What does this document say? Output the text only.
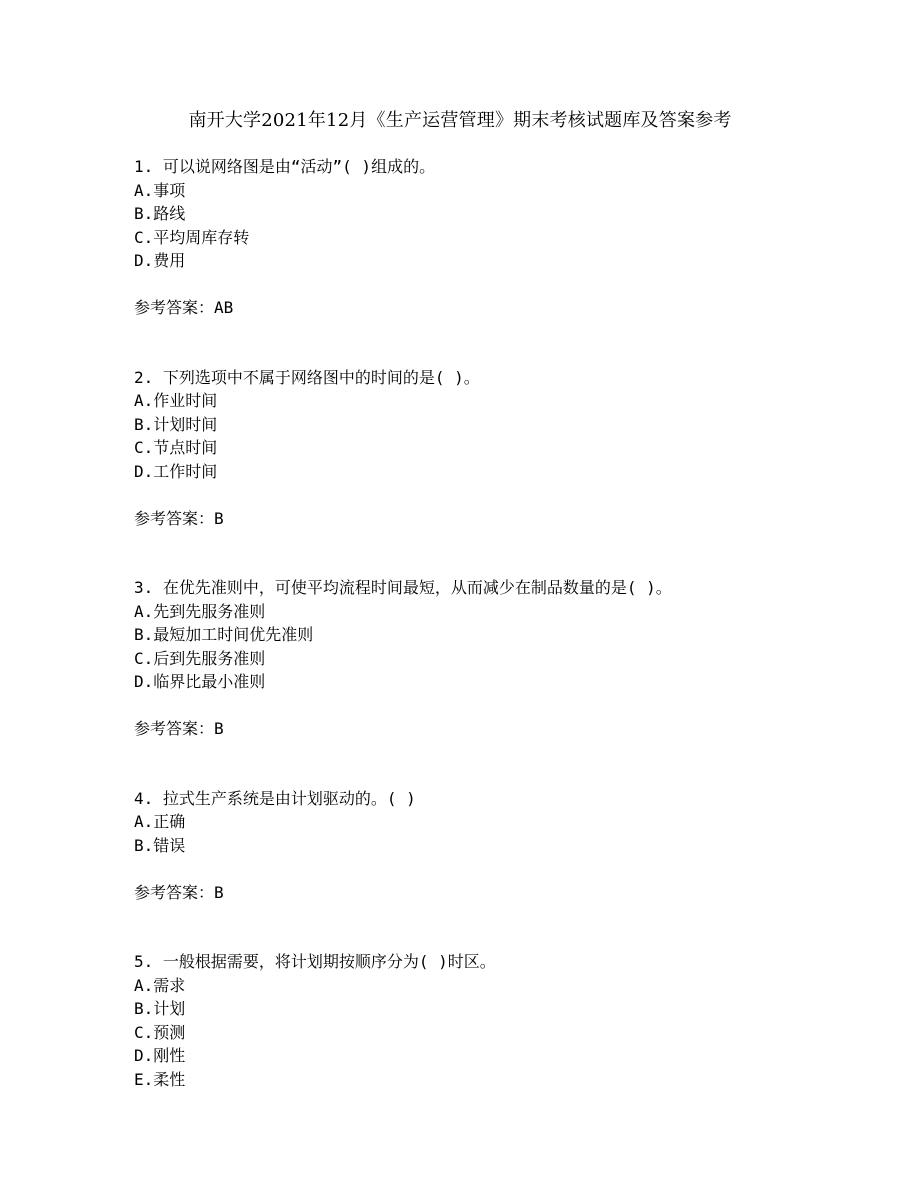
南开大学2021年12月《生产运营管理》期末考核试题库及答案参考
1. 可以说网络图是由“活动”( )组成的。
A.事项
B.路线
C.平均周库存转
D.费用
参考答案：AB
2. 下列选项中不属于网络图中的时间的是( )。
A.作业时间
B.计划时间
C.节点时间
D.工作时间
参考答案：B
3. 在优先准则中，可使平均流程时间最短，从而减少在制品数量的是( )。
A.先到先服务准则
B.最短加工时间优先准则
C.后到先服务准则
D.临界比最小准则
参考答案：B
4. 拉式生产系统是由计划驱动的。( )
A.正确
B.错误
参考答案：B
5. 一般根据需要，将计划期按顺序分为( )时区。
A.需求
B.计划
C.预测
D.刚性
E.柔性
